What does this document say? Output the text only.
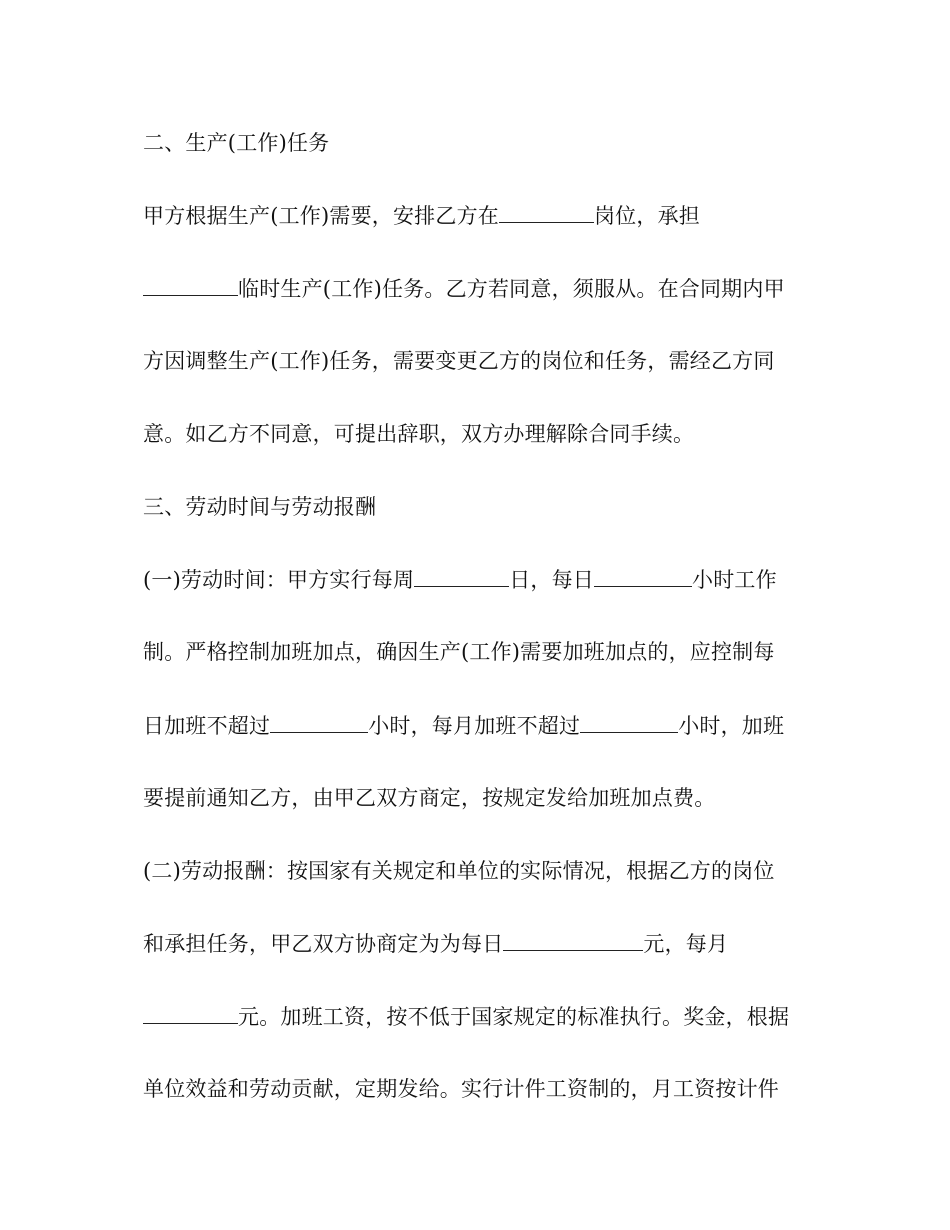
二、生产(工作)任务
甲方根据生产(工作)需要，安排乙方在	岗位，承担
临时生产(工作)任务。乙方若同意，须服从。在合同期内甲
方因调整生产(工作)任务，需要变更乙方的岗位和任务，需经乙方同
意。如乙方不同意，可提出辞职，双方办理解除合同手续。
三、劳动时间与劳动报酬
(一)劳动时间：甲方实行每周	日，每日	小时工作
制。严格控制加班加点，确因生产(工作)需要加班加点的，应控制每
日加班不超过	小时，每月加班不超过	小时，加班
要提前通知乙方，由甲乙双方商定，按规定发给加班加点费。
(二)劳动报酬：按国家有关规定和单位的实际情况，根据乙方的岗位
和承担任务，甲乙双方协商定为为每日	元，每月
元。加班工资，按不低于国家规定的标准执行。奖金，根据
单位效益和劳动贡献，定期发给。实行计件工资制的，月工资按计件
